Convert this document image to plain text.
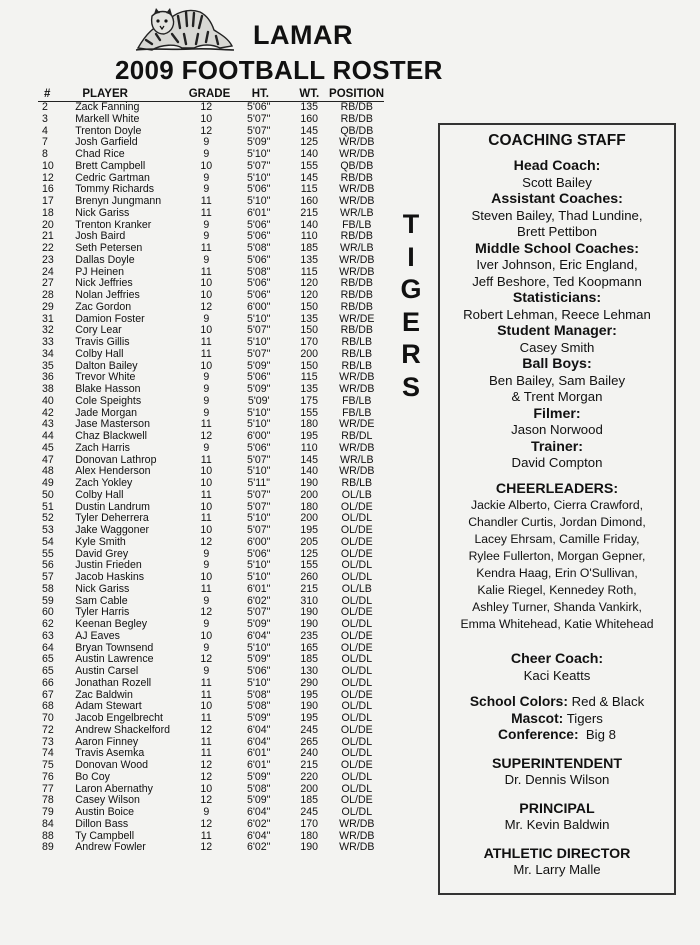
LAMAR
2009 FOOTBALL ROSTER
#	PLAYER	GRADE	HT.	WT. POSITION
2	Zack Fanning	12	5'06"	135	RB/DB
3	Markell White	10	5'07"	160	RB/DB
4	Trenton Doyle	12	5'07"	145	QB/DB
7	Josh Garfield	9	5'09"	125	WR/DB
8	Chad Rice	9	5'10"	140	WR/DB
10	Brett Campbell	10	5'07"	155	QB/DB
12	Cedric Gartman	9	5'10"	145	RB/DB
16	Tommy Richards	9	5'06"	115	WR/DB
17	Brenyn Jungmann	11	5'10"	160	WR/DB
18	Nick Gariss	11	6'01"	215	WR/LB
20	Trenton Kranker	9	5'06"	140	FB/LB
21	Josh Baird	9	5'06"	110	RB/DB
22	Seth Petersen	11	5'08"	185	WR/LB
23	Dallas Doyle	9	5'06"	135	WR/DB
24	PJ Heinen	11	5'08"	115	WR/DB
27	Nick Jeffries	10	5'06"	120	RB/DB
28	Nolan Jeffries	10	5'06"	120	RB/DB
29	Zac Gordon	12	6'00"	150	RB/DB
31	Damion Foster	9	5'10"	135	WR/DE
32	Cory Lear	10	5'07"	150	RB/DB
33	Travis Gillis	11	5'10"	170	RB/LB
34	Colby Hall	11	5'07"	200	RB/LB
35	Dalton Bailey	10	5'09"	150	RB/LB
36	Trevor White	9	5'06"	115	WR/DB
38	Blake Hasson	9	5'09"	135	WR/DB
40	Cole Speights	9	5'09'	175	FB/LB
42	Jade Morgan	9	5'10"	155	FB/LB
43	Jase Masterson	11	5'10"	180	WR/DE
44	Chaz Blackwell	12	6'00"	195	RB/DL
45	Zach Harris	9	5'06"	110	WR/DB
47	Donovan Lathrop	11	5'07"	145	WR/LB
48	Alex Henderson	10	5'10"	140	WR/DB
49	Zach Yokley	10	5'11"	190	RB/LB
50	Colby Hall	11	5'07"	200	OL/LB
51	Dustin Landrum	10	5'07"	180	OL/DE
52	Tyler Deherrera	11	5'10"	200	OL/DL
53	Jake Waggoner	10	5'07"	195	OL/DE
54	Kyle Smith	12	6'00"	205	OL/DE
55	David Grey	9	5'06"	125	OL/DE
56	Justin Frieden	9	5'10"	155	OL/DL
57	Jacob Haskins	10	5'10"	260	OL/DL
58	Nick Gariss	11	6'01"	215	OL/LB
59	Sam Cable	9	6'02"	310	OL/DL
60	Tyler Harris	12	5'07"	190	OL/DE
62	Keenan Begley	9	5'09"	190	OL/DL
63	AJ Eaves	10	6'04"	235	OL/DE
64	Bryan Townsend	9	5'10"	165	OL/DE
65	Austin Lawrence	12	5'09"	185	OL/DL
65	Austin Carsel	9	5'06"	130	OL/DL
66	Jonathan Rozell	11	5'10"	290	OL/DL
67	Zac Baldwin	11	5'08"	195	OL/DE
68	Adam Stewart	10	5'08"	190	OL/DL
70	Jacob Engelbrecht	11	5'09"	195	OL/DL
72	Andrew Shackelford	12	6'04"	245	OL/DE
73	Aaron Finney	11	6'04"	265	OL/DL
74	Travis Asemka	11	6'01"	240	OL/DL
75	Donovan Wood	12	6'01"	215	OL/DE
76	Bo Coy	12	5'09"	220	OL/DL
77	Laron Abernathy	10	5'08"	200	OL/DL
78	Casey Wilson	12	5'09"	185	OL/DE
79	Austin Boice	9	6'04"	245	OL/DL
84	Dillon Bass	12	6'02"	170	WR/DB
88	Ty Campbell	11	6'04"	180	WR/DB
89	Andrew Fowler	12	6'02"	190	WR/DB
T
I
G
E
R
S
COACHING STAFF
Head Coach:
Scott Bailey
Assistant Coaches:
Steven Bailey, Thad Lundine,
Brett Pettibon
Middle School Coaches:
Iver Johnson, Eric England,
Jeff Beshore, Ted Koopmann
Statisticians:
Robert Lehman, Reece Lehman
Student Manager:
Casey Smith
Ball Boys:
Ben Bailey, Sam Bailey
& Trent Morgan
Filmer:
Jason Norwood
Trainer:
David Compton
CHEERLEADERS:
Jackie Alberto, Cierra Crawford,
Chandler Curtis, Jordan Dimond,
Lacey Ehrsam, Camille Friday,
Rylee Fullerton, Morgan Gepner,
Kendra Haag, Erin O'Sullivan,
Kalie Riegel, Kennedey Roth,
Ashley Turner, Shanda Vankirk,
Emma Whitehead, Katie Whitehead
Cheer Coach:
Kaci Keatts
School Colors: Red & Black
Mascot: Tigers
Conference: Big 8
SUPERINTENDENT
Dr. Dennis Wilson
PRINCIPAL
Mr. Kevin Baldwin
ATHLETIC DIRECTOR
Mr. Larry Malle
